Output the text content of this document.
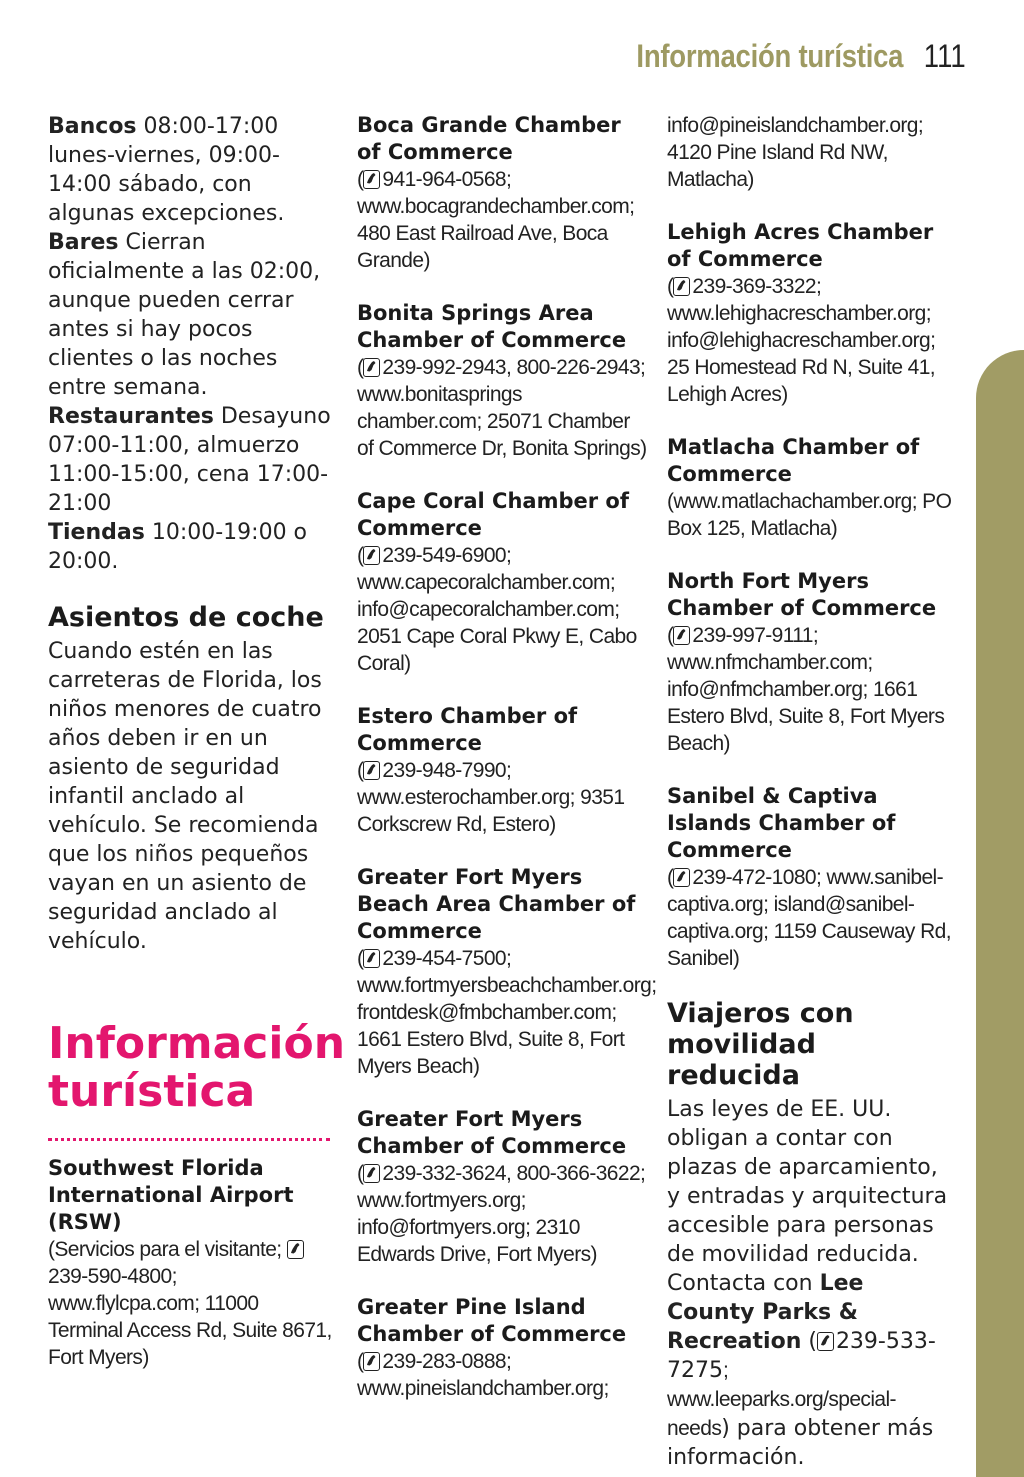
Información turística 111
Bancos 08:00-17:00 lunes-viernes, 09:00-14:00 sábado, con algunas excepciones.
Bares Cierran oficialmente a las 02:00, aunque pueden cerrar antes si hay pocos clientes o las noches entre semana.
Restaurantes Desayuno 07:00-11:00, almuerzo 11:00-15:00, cena 17:00-21:00
Tiendas 10:00-19:00 o 20:00.
Asientos de coche
Cuando estén en las carreteras de Florida, los niños menores de cuatro años deben ir en un asiento de seguridad infantil anclado al vehículo. Se recomienda que los niños pequeños vayan en un asiento de seguridad anclado al vehículo.
Información turística
Southwest Florida International Airport (RSW)
(Servicios para el visitante;
239-590-4800; www.flylcpa.com; 11000 Terminal Access Rd, Suite 8671, Fort Myers)
Boca Grande Chamber of Commerce
( 941-964-0568; www.bocagrandechamber.com; 480 East Railroad Ave, Boca Grande)
Bonita Springs Area Chamber of Commerce
( 239-992-2943, 800-226-2943; www.bonitasprings chamber.com; 25071 Chamber of Commerce Dr, Bonita Springs)
Cape Coral Chamber of Commerce
( 239-549-6900; www.capecoralchamber.com; info@capecoralchamber.com; 2051 Cape Coral Pkwy E, Cabo Coral)
Estero Chamber of Commerce
( 239-948-7990; www.esterochamber.org; 9351 Corkscrew Rd, Estero)
Greater Fort Myers Beach Area Chamber of Commerce
( 239-454-7500; www.fortmyersbeachchamber.org; frontdesk@fmbchamber.com; 1661 Estero Blvd, Suite 8, Fort Myers Beach)
Greater Fort Myers Chamber of Commerce
( 239-332-3624, 800-366-3622; www.fortmyers.org; info@fortmyers.org; 2310 Edwards Drive, Fort Myers)
Greater Pine Island Chamber of Commerce
( 239-283-0888; www.pineislandchamber.org;
info@pineislandchamber.org; 4120 Pine Island Rd NW, Matlacha)
Lehigh Acres Chamber of Commerce
( 239-369-3322; www.lehighacreschamber.org; info@lehighacreschamber.org; 25 Homestead Rd N, Suite 41, Lehigh Acres)
Matlacha Chamber of Commerce
(www.matlachachamber.org; PO Box 125, Matlacha)
North Fort Myers Chamber of Commerce
( 239-997-9111; www.nfmchamber.com; info@nfmchamber.org; 1661 Estero Blvd, Suite 8, Fort Myers Beach)
Sanibel & Captiva Islands Chamber of Commerce
( 239-472-1080; www.sanibel-captiva.org; island@sanibel-captiva.org; 1159 Causeway Rd, Sanibel)
Viajeros con movilidad reducida
Las leyes de EE. UU. obligan a contar con plazas de aparcamiento, y entradas y arquitectura accesible para personas de movilidad reducida. Contacta con Lee County Parks & Recreation ( 239-533-7275; www.leeparks.org/special-needs) para obtener más información.
